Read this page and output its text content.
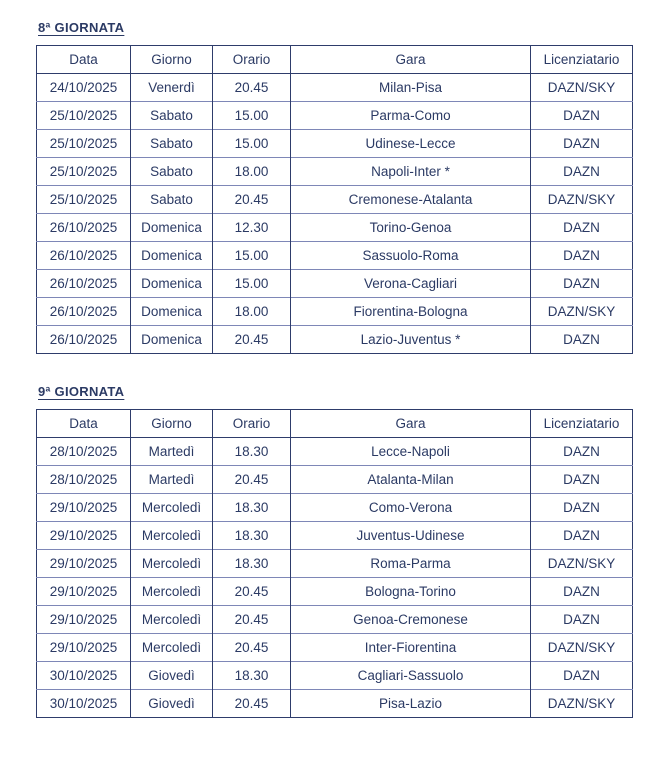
8ª GIORNATA
Data	Giorno	Orario	Gara	Licenziatario
24/10/2025	Venerdì	20.45	Milan-Pisa	DAZN/SKY
25/10/2025	Sabato	15.00	Parma-Como	DAZN
25/10/2025	Sabato	15.00	Udinese-Lecce	DAZN
25/10/2025	Sabato	18.00	Napoli-Inter *	DAZN
25/10/2025	Sabato	20.45	Cremonese-Atalanta	DAZN/SKY
26/10/2025	Domenica	12.30	Torino-Genoa	DAZN
26/10/2025	Domenica	15.00	Sassuolo-Roma	DAZN
26/10/2025	Domenica	15.00	Verona-Cagliari	DAZN
26/10/2025	Domenica	18.00	Fiorentina-Bologna	DAZN/SKY
26/10/2025	Domenica	20.45	Lazio-Juventus *	DAZN
9ª GIORNATA
Data	Giorno	Orario	Gara	Licenziatario
28/10/2025	Martedì	18.30	Lecce-Napoli	DAZN
28/10/2025	Martedì	20.45	Atalanta-Milan	DAZN
29/10/2025	Mercoledì	18.30	Como-Verona	DAZN
29/10/2025	Mercoledì	18.30	Juventus-Udinese	DAZN
29/10/2025	Mercoledì	18.30	Roma-Parma	DAZN/SKY
29/10/2025	Mercoledì	20.45	Bologna-Torino	DAZN
29/10/2025	Mercoledì	20.45	Genoa-Cremonese	DAZN
29/10/2025	Mercoledì	20.45	Inter-Fiorentina	DAZN/SKY
30/10/2025	Giovedì	18.30	Cagliari-Sassuolo	DAZN
30/10/2025	Giovedì	20.45	Pisa-Lazio	DAZN/SKY
